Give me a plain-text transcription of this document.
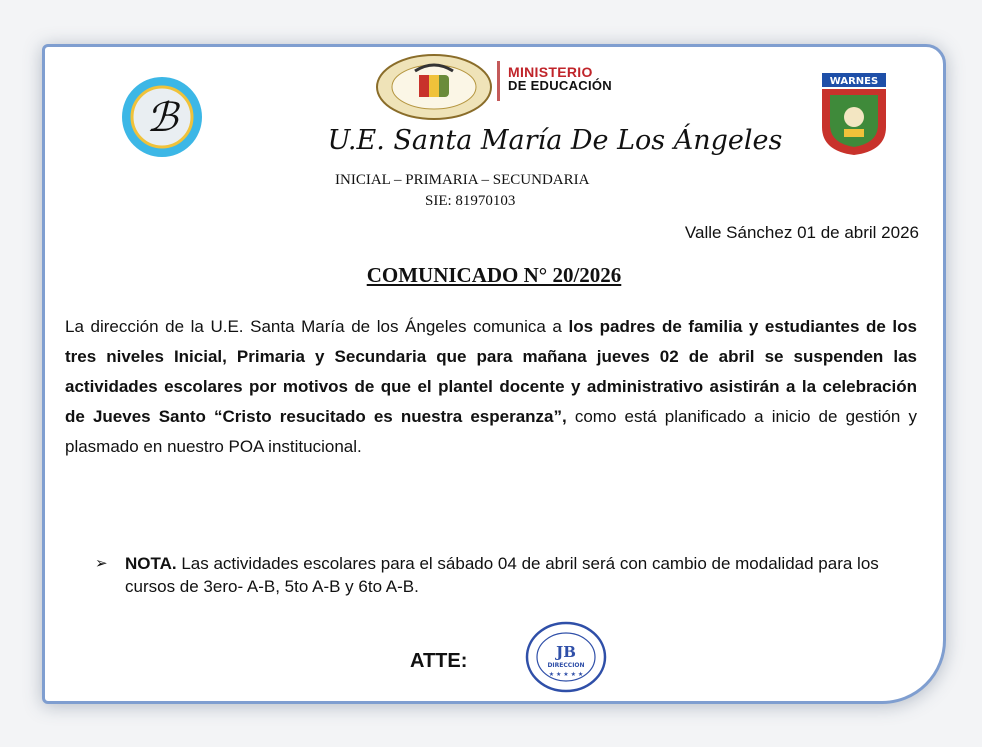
ℬ
MINISTERIO
DE EDUCACIÓN	WARNES
U.E. Santa María De Los Ángeles
INICIAL – PRIMARIA – SECUNDARIA
SIE: 81970103
Valle Sánchez 01 de abril 2026
COMUNICADO N° 20/2026
La dirección de la U.E. Santa María de los Ángeles comunica a los padres de familia y estudiantes de los tres niveles Inicial, Primaria y Secundaria que para mañana jueves 02 de abril se suspenden las actividades escolares por motivos de que el plantel docente y administrativo asistirán a la celebración de Jueves Santo “Cristo resucitado es nuestra esperanza”, como está planificado a inicio de gestión y plasmado en nuestro POA institucional.
➢ NOTA. Las actividades escolares para el sábado 04 de abril será con cambio de modalidad para los cursos de 3ero- A-B, 5to A-B y 6to A-B.
ATTE:	JB
DIRECCION
★ ★ ★ ★ ★
